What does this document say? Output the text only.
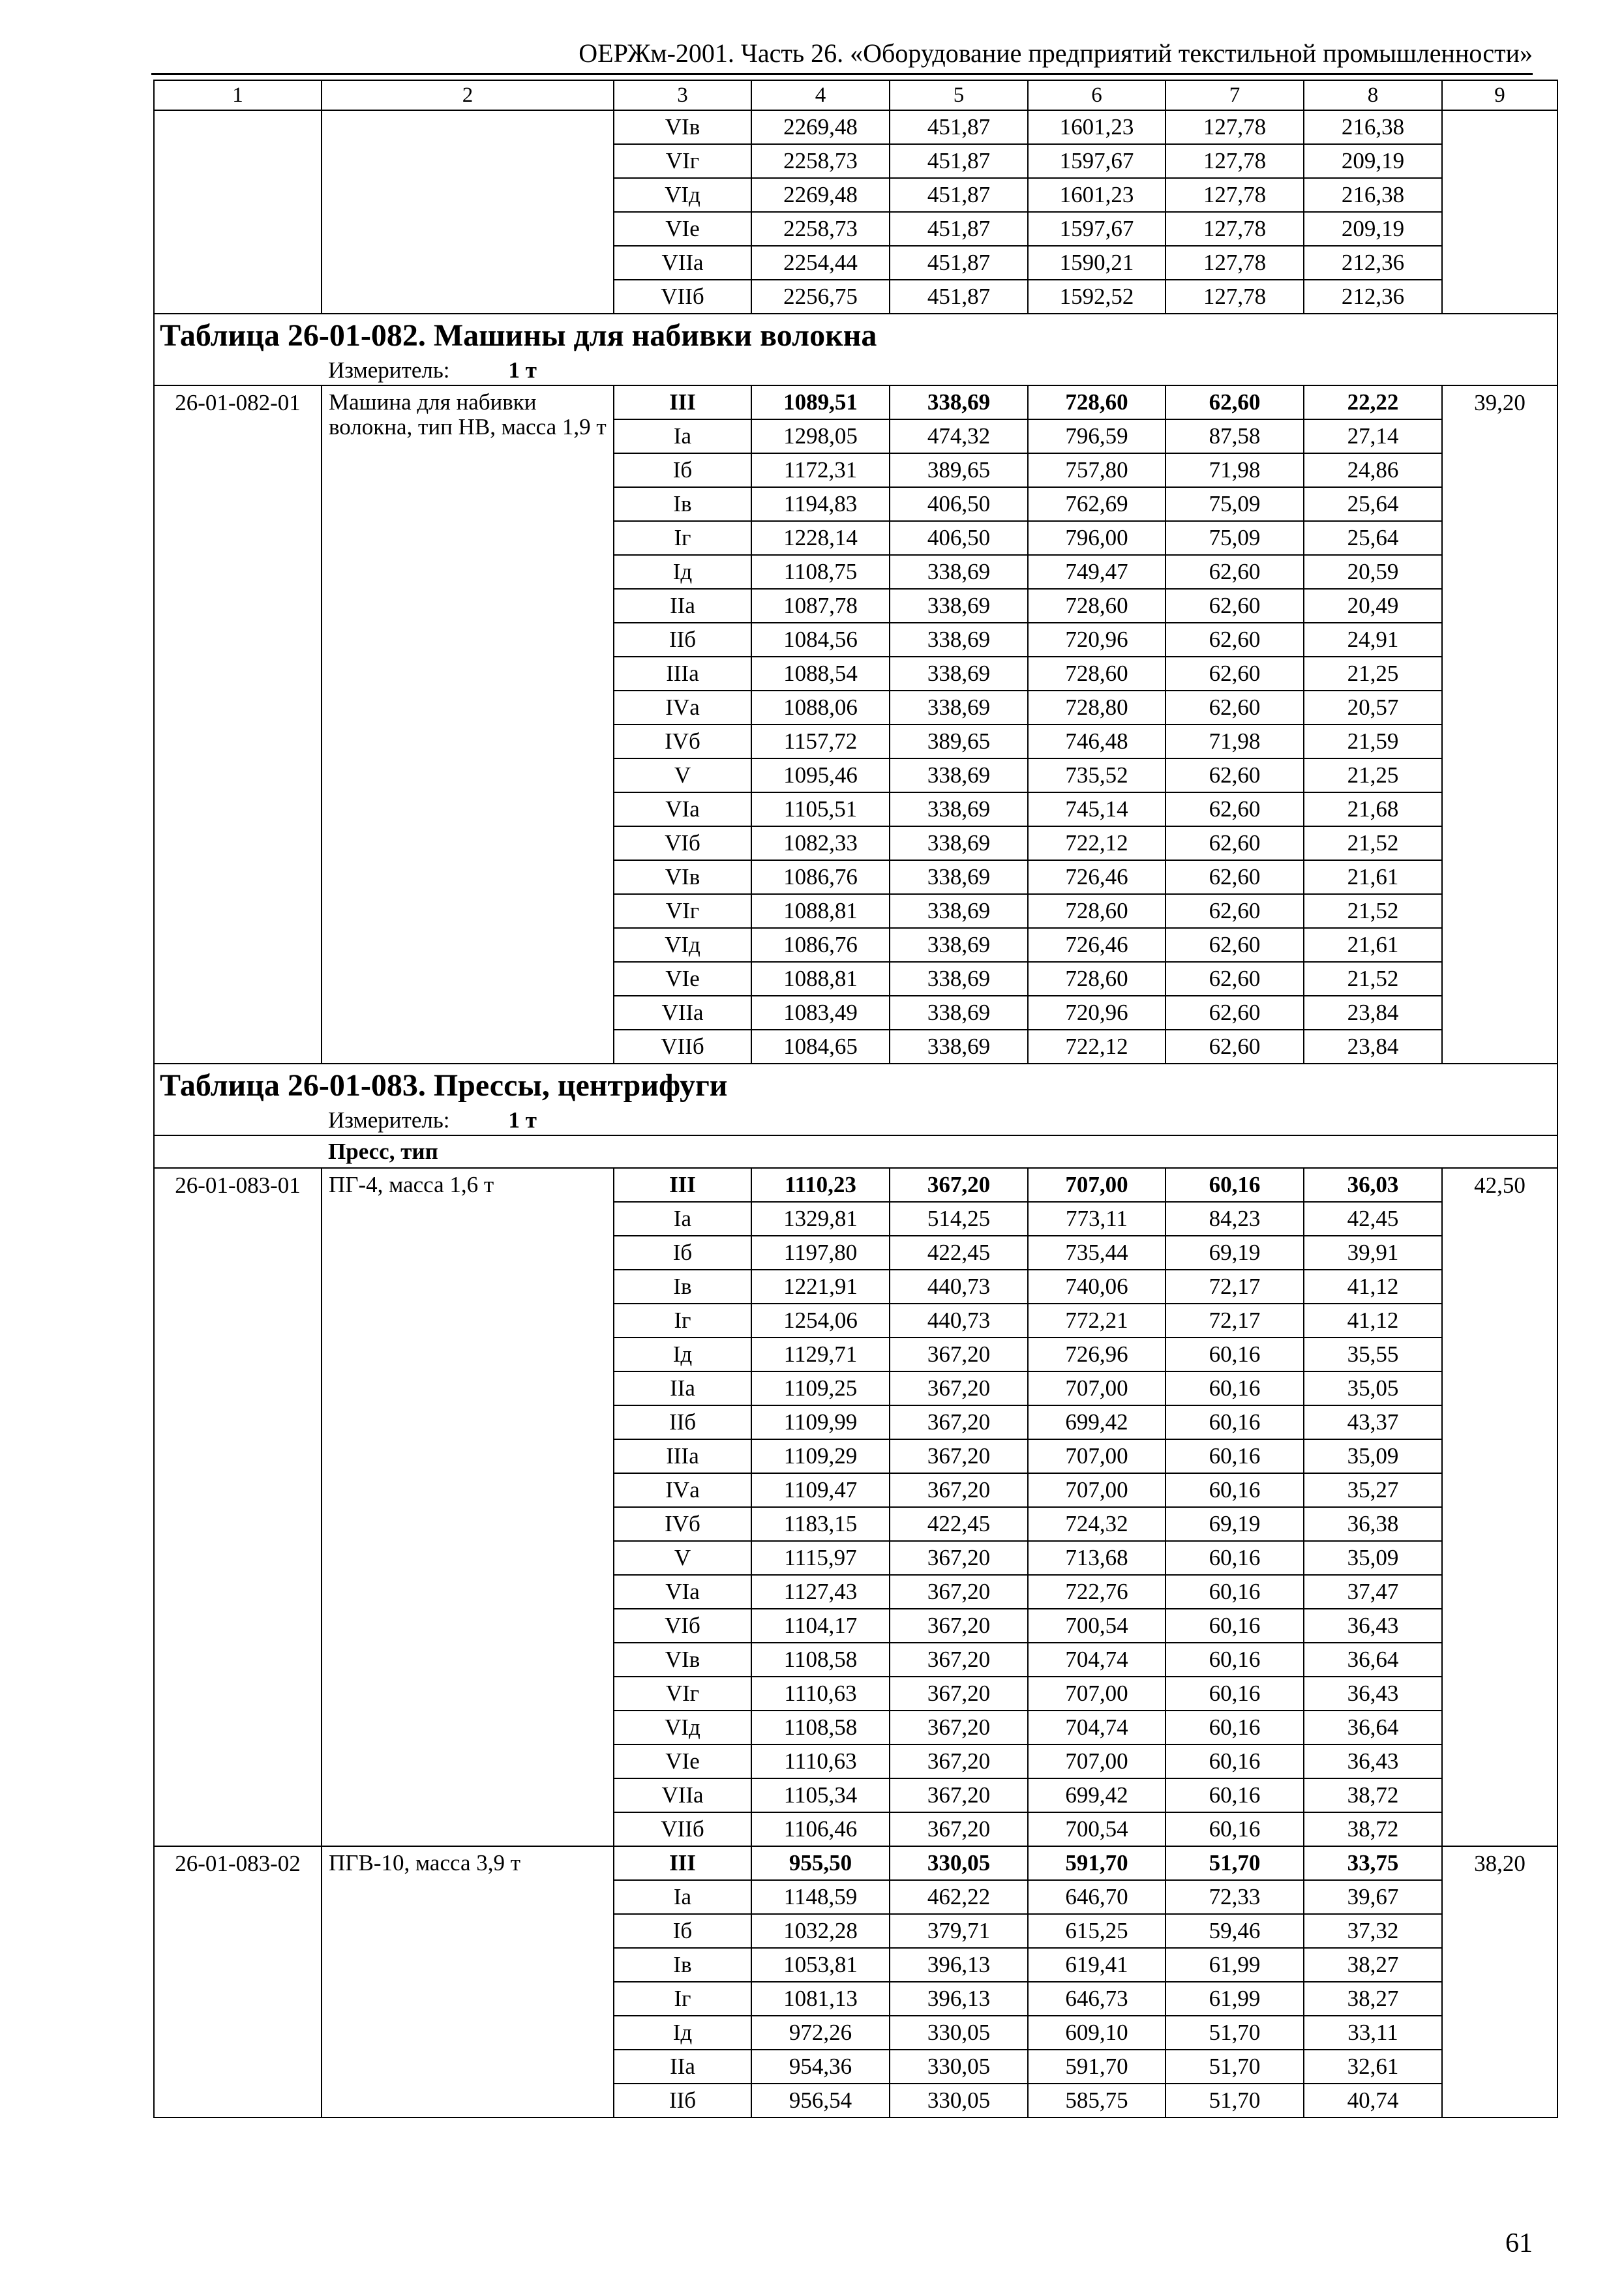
ОЕРЖм-2001. Часть 26. «Оборудование предприятий текстильной промышленности»
1	2	3	4	5	6	7	8	9
		VIв	2269,48	451,87	1601,23	127,78	216,38	
		VIг	2258,73	451,87	1597,67	127,78	209,19	
		VIд	2269,48	451,87	1601,23	127,78	216,38	
		VIе	2258,73	451,87	1597,67	127,78	209,19	
		VIIа	2254,44	451,87	1590,21	127,78	212,36	
		VIIб	2256,75	451,87	1592,52	127,78	212,36	
Таблица 26-01-082. Машины для набивки волокна								
Измеритель: 1 т								
26-01-082-01	Машина для набивки волокна, тип НВ, масса 1,9 т	III	1089,51	338,69	728,60	62,60	22,22	39,20
		Iа	1298,05	474,32	796,59	87,58	27,14	
		Iб	1172,31	389,65	757,80	71,98	24,86	
		Iв	1194,83	406,50	762,69	75,09	25,64	
		Iг	1228,14	406,50	796,00	75,09	25,64	
		Iд	1108,75	338,69	749,47	62,60	20,59	
		IIа	1087,78	338,69	728,60	62,60	20,49	
		IIб	1084,56	338,69	720,96	62,60	24,91	
		IIIа	1088,54	338,69	728,60	62,60	21,25	
		IVа	1088,06	338,69	728,80	62,60	20,57	
		IVб	1157,72	389,65	746,48	71,98	21,59	
		V	1095,46	338,69	735,52	62,60	21,25	
		VIа	1105,51	338,69	745,14	62,60	21,68	
		VIб	1082,33	338,69	722,12	62,60	21,52	
		VIв	1086,76	338,69	726,46	62,60	21,61	
		VIг	1088,81	338,69	728,60	62,60	21,52	
		VIд	1086,76	338,69	726,46	62,60	21,61	
		VIе	1088,81	338,69	728,60	62,60	21,52	
		VIIа	1083,49	338,69	720,96	62,60	23,84	
		VIIб	1084,65	338,69	722,12	62,60	23,84	
Таблица 26-01-083. Прессы, центрифуги								
Измеритель: 1 т								
Пресс, тип								
26-01-083-01	ПГ-4, масса 1,6 т	III	1110,23	367,20	707,00	60,16	36,03	42,50
		Iа	1329,81	514,25	773,11	84,23	42,45	
		Iб	1197,80	422,45	735,44	69,19	39,91	
		Iв	1221,91	440,73	740,06	72,17	41,12	
		Iг	1254,06	440,73	772,21	72,17	41,12	
		Iд	1129,71	367,20	726,96	60,16	35,55	
		IIа	1109,25	367,20	707,00	60,16	35,05	
		IIб	1109,99	367,20	699,42	60,16	43,37	
		IIIа	1109,29	367,20	707,00	60,16	35,09	
		IVа	1109,47	367,20	707,00	60,16	35,27	
		IVб	1183,15	422,45	724,32	69,19	36,38	
		V	1115,97	367,20	713,68	60,16	35,09	
		VIа	1127,43	367,20	722,76	60,16	37,47	
		VIб	1104,17	367,20	700,54	60,16	36,43	
		VIв	1108,58	367,20	704,74	60,16	36,64	
		VIг	1110,63	367,20	707,00	60,16	36,43	
		VIд	1108,58	367,20	704,74	60,16	36,64	
		VIе	1110,63	367,20	707,00	60,16	36,43	
		VIIа	1105,34	367,20	699,42	60,16	38,72	
		VIIб	1106,46	367,20	700,54	60,16	38,72	
26-01-083-02	ПГВ-10, масса 3,9 т	III	955,50	330,05	591,70	51,70	33,75	38,20
		Iа	1148,59	462,22	646,70	72,33	39,67	
		Iб	1032,28	379,71	615,25	59,46	37,32	
		Iв	1053,81	396,13	619,41	61,99	38,27	
		Iг	1081,13	396,13	646,73	61,99	38,27	
		Iд	972,26	330,05	609,10	51,70	33,11	
		IIа	954,36	330,05	591,70	51,70	32,61	
		IIб	956,54	330,05	585,75	51,70	40,74	
61
